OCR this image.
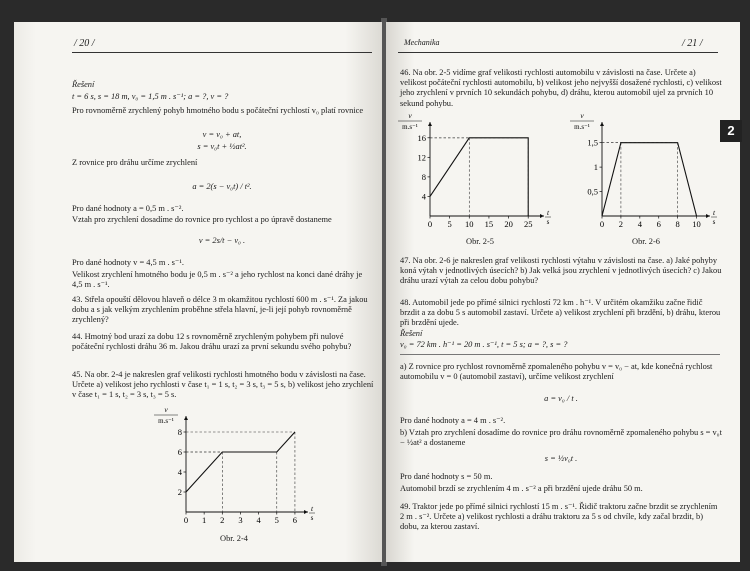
/ 20 /
Řešení
t = 6 s, s = 18 m, v₀ = 1,5 m . s⁻¹; a = ?, v = ?
Pro rovnoměrně zrychlený pohyb hmotného bodu s počáteční rychlostí v₀ platí rovnice
v = v₀ + at,
s = v₀t + ½at².
Z rovnice pro dráhu určíme zrychlení
a = 2(s − v₀t) / t².
Pro dané hodnoty a = 0,5 m . s⁻².
Vztah pro zrychlení dosadíme do rovnice pro rychlost a po úpravě dostaneme
v = 2s/t − v₀ .
Pro dané hodnoty v = 4,5 m . s⁻¹.
Velikost zrychlení hmotného bodu je 0,5 m . s⁻² a jeho rychlost na konci dané dráhy je 4,5 m . s⁻¹.
43. Střela opouští dělovou hlaveň o délce 3 m okamžitou rychlostí 600 m . s⁻¹. Za jakou dobu a s jak velkým zrychlením proběhne střela hlavní, je-li její pohyb rovnoměrně zrychlený?
44. Hmotný bod urazí za dobu 12 s rovnoměrně zrychleným pohybem při nulové počáteční rychlosti dráhu 36 m. Jakou dráhu urazí za první sekundu svého pohybu?
45. Na obr. 2-4 je nakreslen graf velikosti rychlosti hmotného bodu v závislosti na čase. Určete a) velikost jeho rychlosti v čase t₁ = 1 s, t₂ = 3 s, t₃ = 5 s, b) velikost jeho zrychlení v čase t₁ = 1 s, t₂ = 3 s, t₃ = 5 s.
0 1 2 3 4 5 6
2
4
6
8
v
m.s⁻¹
t
s
Obr. 2-4
Mechanika	/ 21 /
46. Na obr. 2-5 vidíme graf velikosti rychlosti automobilu v závislosti na čase. Určete a) velikost počáteční rychlosti automobilu, b) velikost jeho nejvyšší dosažené rychlosti, c) velikost jeho zrychlení v prvních 10 sekundách pohybu, d) dráhu, kterou automobil ujel za prvních 10 sekund pohybu.
0 5 10 15 20 25
4
8
12
16
v
m.s⁻¹
t
s
Obr. 2-5
0 2 4 6 8 10
0,5
1
1,5
v
m.s⁻¹
t
s
Obr. 2-6
47. Na obr. 2-6 je nakreslen graf velikosti rychlosti výtahu v závislosti na čase. a) Jaké pohyby koná výtah v jednotlivých úsecích? b) Jak velká jsou zrychlení v jednotlivých úsecích? c) Jakou dráhu urazí výtah za celou dobu pohybu?
48. Automobil jede po přímé silnici rychlostí 72 km . h⁻¹. V určitém okamžiku začne řidič brzdit a za dobu 5 s automobil zastaví. Určete a) velikost zrychlení při brzdění, b) dráhu, kterou při brzdění ujede.
Řešení
v₀ = 72 km . h⁻¹ = 20 m . s⁻¹, t = 5 s; a = ?, s = ?
a) Z rovnice pro rychlost rovnoměrně zpomaleného pohybu v = v₀ − at, kde konečná rychlost automobilu v = 0 (automobil zastaví), určíme velikost zrychlení
a = v₀ / t .
Pro dané hodnoty a = 4 m . s⁻².
b) Vztah pro zrychlení dosadíme do rovnice pro dráhu rovnoměrně zpomaleného pohybu s = v₀t − ½at² a dostaneme
s = ½v₀t .
Pro dané hodnoty s = 50 m.
Automobil brzdí se zrychlením 4 m . s⁻² a při brzdění ujede dráhu 50 m.
49. Traktor jede po přímé silnici rychlostí 15 m . s⁻¹. Řidič traktoru začne brzdit se zrychlením 2 m . s⁻². Určete a) velikost rychlosti a dráhu traktoru za 5 s od chvíle, kdy začal brzdit, b) dobu, za kterou zastaví.
2
